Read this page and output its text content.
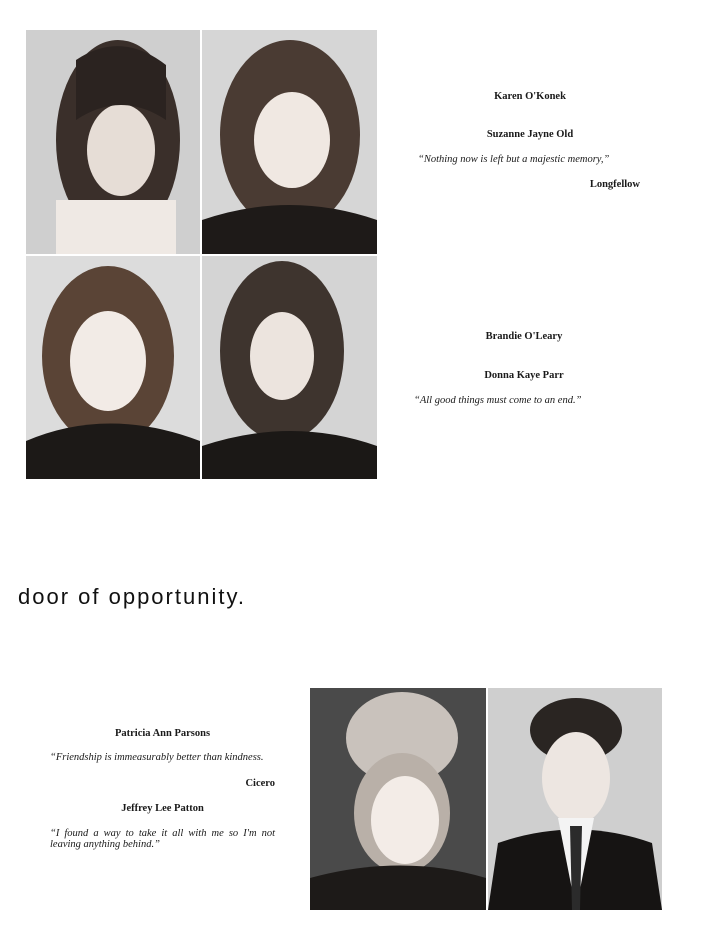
Karen O'Konek
Suzanne Jayne Old
“Nothing now is left but a majestic memory,”
Longfellow
Brandie O'Leary
Donna Kaye Parr
“All good things must come to an end.”
door of opportunity.
Patricia Ann Parsons
“Friendship is immeasurably better than kindness.
Cicero
Jeffrey Lee Patton
“I found a way to take it all with me so I'm not leaving anything behind.”
